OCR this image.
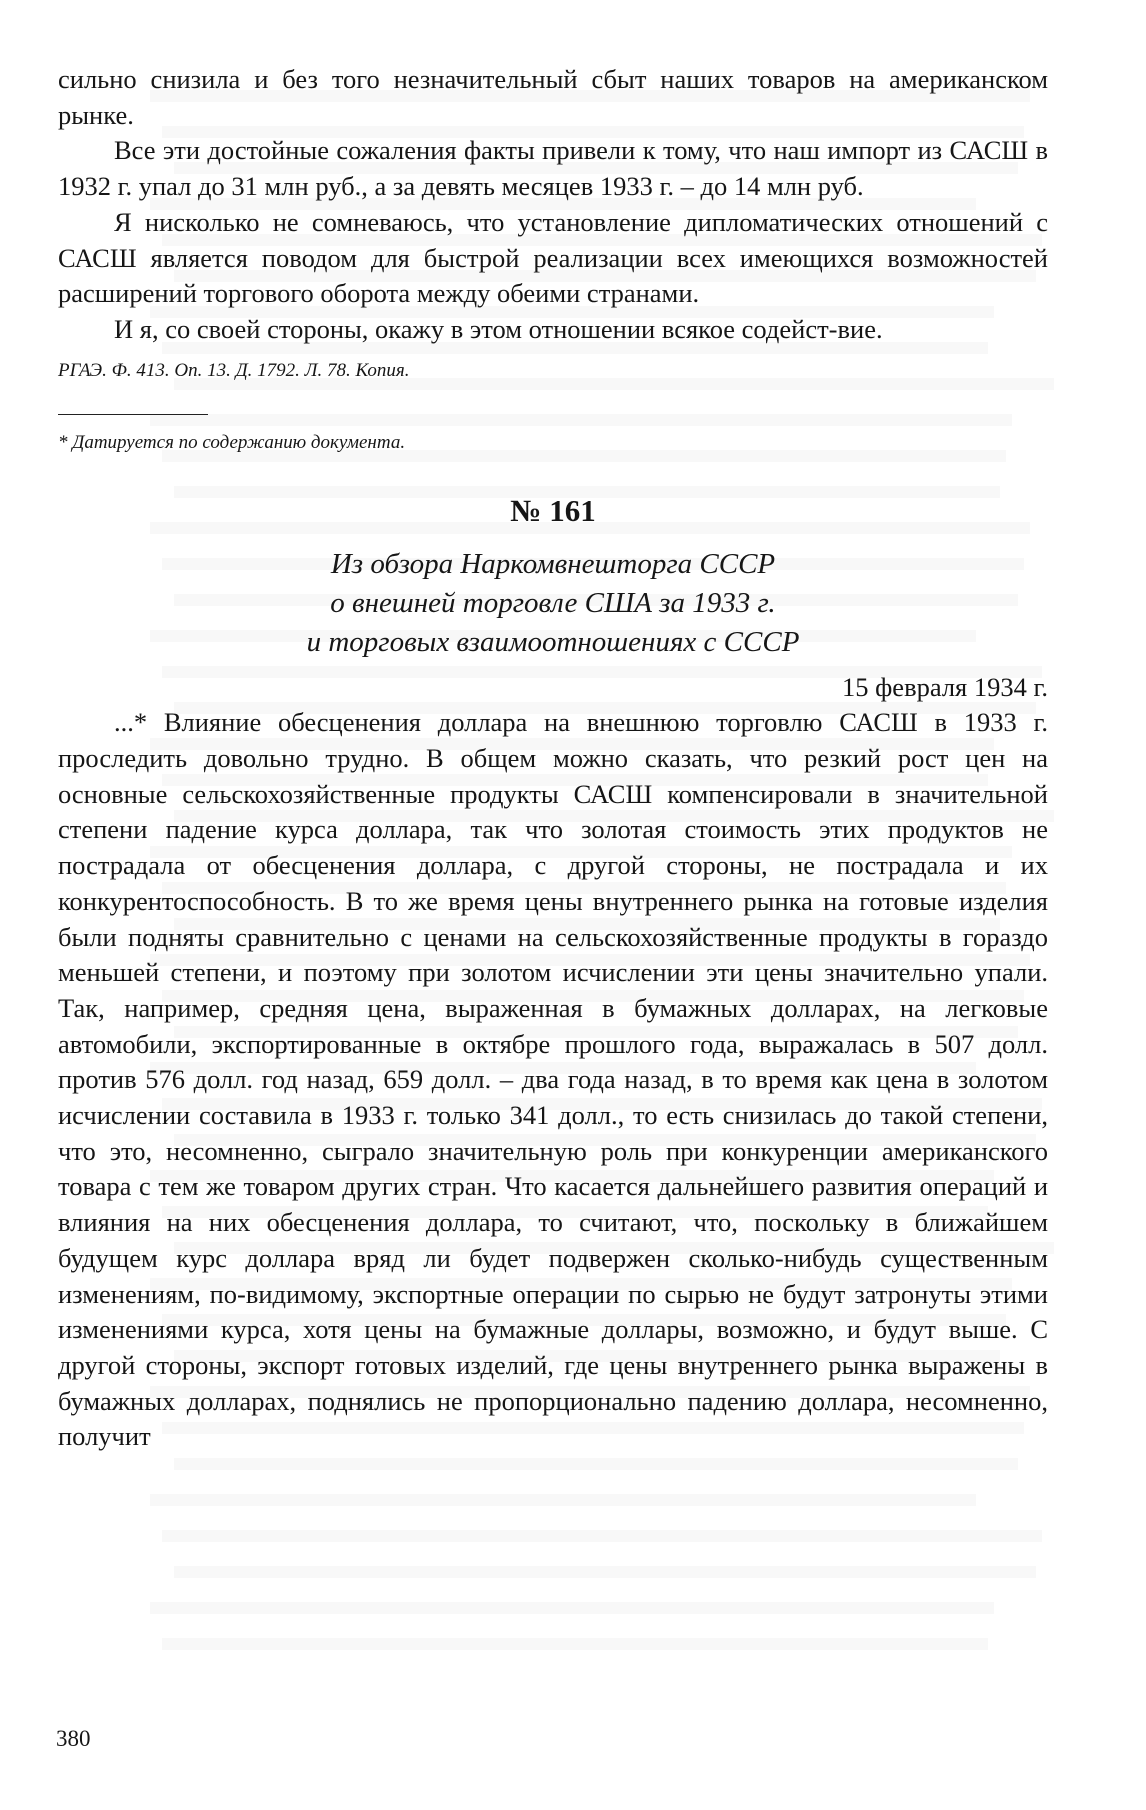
сильно снизила и без того незначительный сбыт наших товаров на американском рынке.

Все эти достойные сожаления факты привели к тому, что наш импорт из САСШ в 1932 г. упал до 31 млн руб., а за девять месяцев 1933 г. – до 14 млн руб.

Я нисколько не сомневаюсь, что установление дипломатических отношений с САСШ является поводом для быстрой реализации всех имеющихся возможностей расширений торгового оборота между обеими странами.

И я, со своей стороны, окажу в этом отношении всякое содейст-вие.

РГАЭ. Ф. 413. Оп. 13. Д. 1792. Л. 78. Копия.
* Датируется по содержанию документа.
№ 161
Из обзора Наркомвнешторга СССР
о внешней торговле США за 1933 г.
и торговых взаимоотношениях с СССР
15 февраля 1934 г.

...* Влияние обесценения доллара на внешнюю торговлю САСШ в 1933 г. проследить довольно трудно. В общем можно сказать, что резкий рост цен на основные сельскохозяйственные продукты САСШ компенсировали в значительной степени падение курса доллара, так что золотая стоимость этих продуктов не пострадала от обесценения доллара, с другой стороны, не пострадала и их конкурентоспособность. В то же время цены внутреннего рынка на готовые изделия были подняты сравнительно с ценами на сельскохозяйственные продукты в гораздо меньшей степени, и поэтому при золотом исчислении эти цены значительно упали. Так, например, средняя цена, выраженная в бумажных долларах, на легковые автомобили, экспортированные в октябре прошлого года, выражалась в 507 долл. против 576 долл. год назад, 659 долл. – два года назад, в то время как цена в золотом исчислении составила в 1933 г. только 341 долл., то есть снизилась до такой степени, что это, несомненно, сыграло значительную роль при конкуренции американского товара с тем же товаром других стран. Что касается дальнейшего развития операций и влияния на них обесценения доллара, то считают, что, поскольку в ближайшем будущем курс доллара вряд ли будет подвержен сколько-нибудь существенным изменениям, по-видимому, экспортные операции по сырью не будут затронуты этими изменениями курса, хотя цены на бумажные доллары, возможно, и будут выше. С другой стороны, экспорт готовых изделий, где цены внутреннего рынка выражены в бумажных долларах, поднялись не пропорционально падению доллара, несомненно, получит

380
